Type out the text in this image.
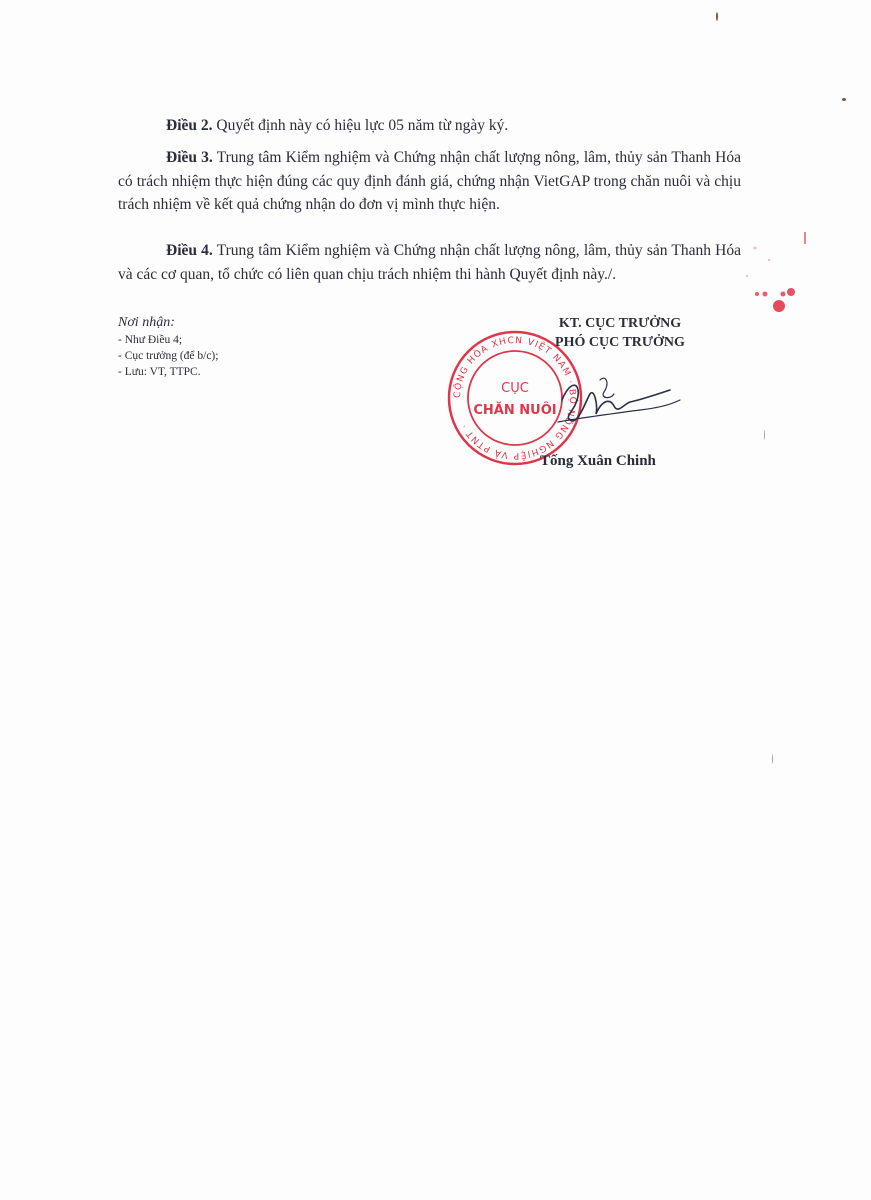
Điều 2. Quyết định này có hiệu lực 05 năm từ ngày ký.

Điều 3. Trung tâm Kiểm nghiệm và Chứng nhận chất lượng nông, lâm, thủy sản Thanh Hóa có trách nhiệm thực hiện đúng các quy định đánh giá, chứng nhận VietGAP trong chăn nuôi và chịu trách nhiệm về kết quả chứng nhận do đơn vị mình thực hiện.

Điều 4. Trung tâm Kiểm nghiệm và Chứng nhận chất lượng nông, lâm, thủy sản Thanh Hóa và các cơ quan, tổ chức có liên quan chịu trách nhiệm thi hành Quyết định này./.

Nơi nhận:
- Như Điều 4;
- Cục trưởng (để b/c);
- Lưu: VT, TTPC.
CỘNG HÒA XHCN VIỆT NAM · BỘ NÔNG NGHIỆP VÀ PTNT ·
CỤC
CHĂN NUÔI
KT. CỤC TRƯỞNG
PHÓ CỤC TRƯỞNG
Tống Xuân Chinh
